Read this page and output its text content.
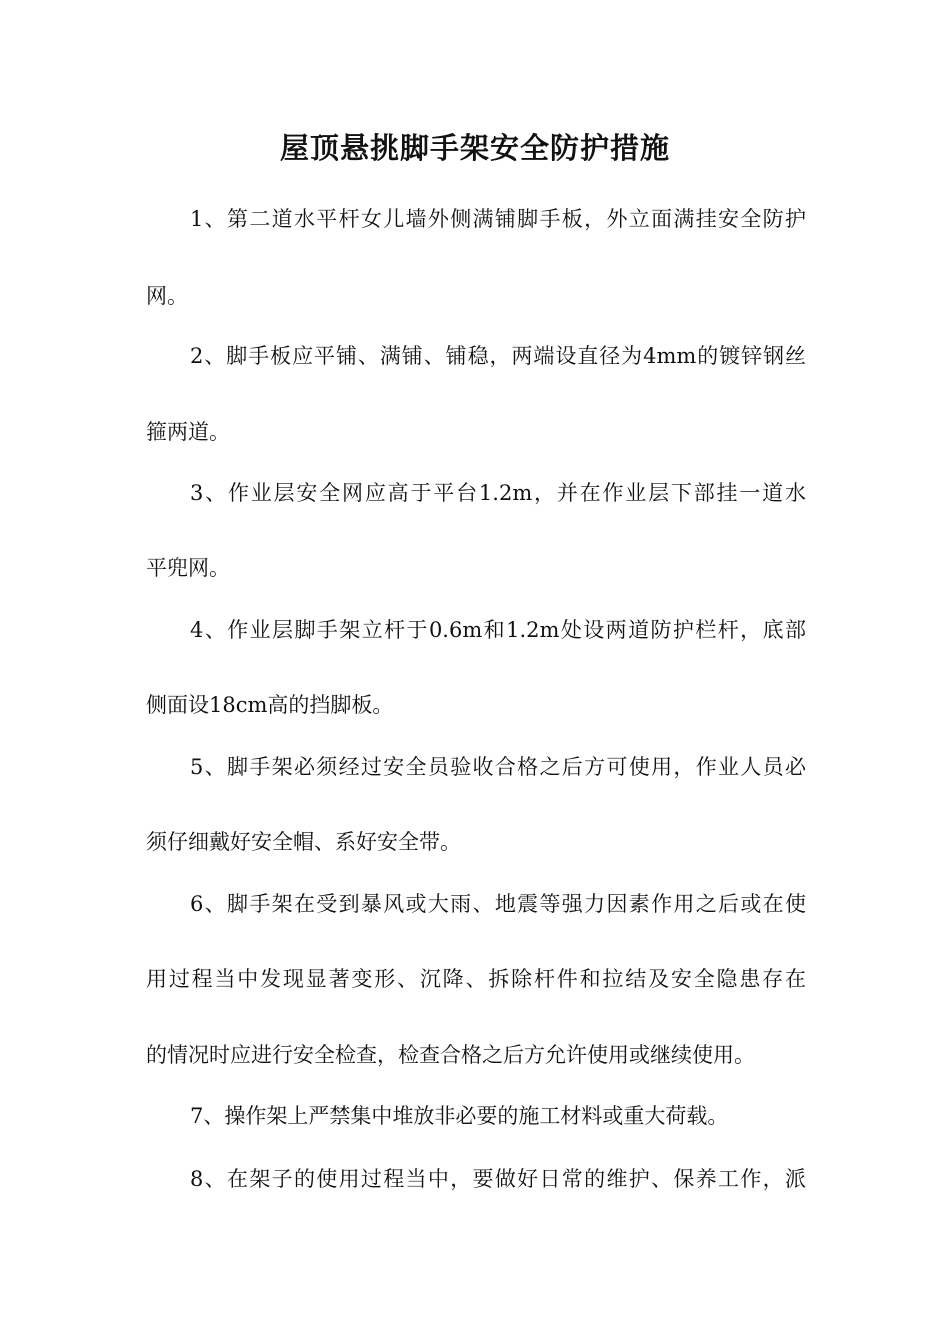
屋顶悬挑脚手架安全防护措施

1、第二道水平杆女儿墙外侧满铺脚手板，外立面满挂安全防护

网。

2、脚手板应平铺、满铺、铺稳，两端设直径为4mm的镀锌钢丝

箍两道。

3、作业层安全网应高于平台1.2m，并在作业层下部挂一道水

平兜网。

4、作业层脚手架立杆于0.6m和1.2m处设两道防护栏杆，底部

侧面设18cm高的挡脚板。

5、脚手架必须经过安全员验收合格之后方可使用，作业人员必

须仔细戴好安全帽、系好安全带。

6、脚手架在受到暴风或大雨、地震等强力因素作用之后或在使

用过程当中发现显著变形、沉降、拆除杆件和拉结及安全隐患存在

的情况时应进行安全检查，检查合格之后方允许使用或继续使用。

7、操作架上严禁集中堆放非必要的施工材料或重大荷载。

8、在架子的使用过程当中，要做好日常的维护、保养工作，派
